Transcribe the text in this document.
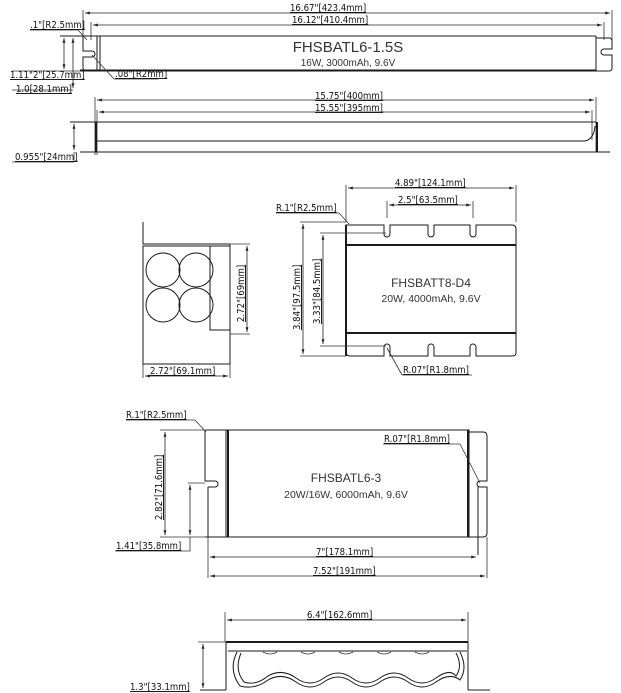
16.67"[423.4mm]
16.12"[410.4mm]
FHSBATL6-1.5S
16W, 3000mAh, 9.6V
1.11"2"[25.7mm]
1.0[28.1mm]
.1"[R2.5mm]
.08"[R2mm]
15.75"[400mm]
15.55"[395mm]
0.955"[24mm]
2.72"[69mm]
2.72"[69.1mm]
4.89"[124.1mm]
2.5"[63.5mm]
FHSBATT8-D4
20W, 4000mAh, 9.6V
3.84"[97.5mm] 3.33"[84.5mm]
R.1"[R2.5mm]
R.07"[R1.8mm]
FHSBATL6-3
20W/16W, 6000mAh, 9.6V
2.82"[71.6mm]
1.41"[35.8mm]
R.1"[R2.5mm]
R.07"[R1.8mm]
7"[178.1mm]
7.52"[191mm]
6.4"[162.6mm]
1.3"[33.1mm]
